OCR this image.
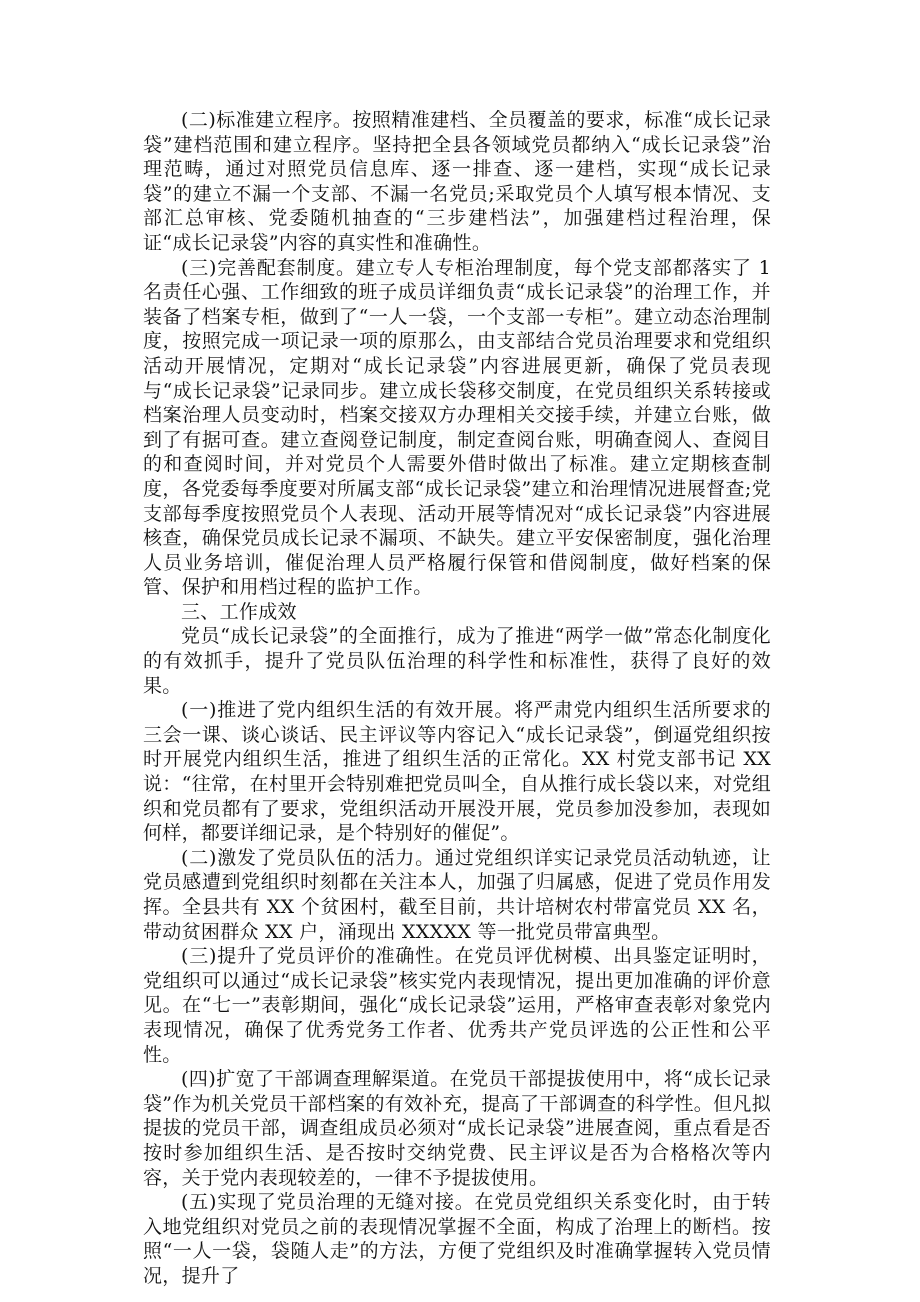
(二)标准建立程序。按照精准建档、全员覆盖的要求，标准“成长记录袋”建档范围和建立程序。坚持把全县各领域党员都纳入“成长记录袋”治理范畴，通过对照党员信息库、逐一排查、逐一建档，实现“成长记录袋”的建立不漏一个支部、不漏一名党员;采取党员个人填写根本情况、支部汇总审核、党委随机抽查的“三步建档法”，加强建档过程治理，保证“成长记录袋”内容的真实性和准确性。

(三)完善配套制度。建立专人专柜治理制度，每个党支部都落实了 1 名责任心强、工作细致的班子成员详细负责“成长记录袋”的治理工作，并装备了档案专柜，做到了“一人一袋，一个支部一专柜”。建立动态治理制度，按照完成一项记录一项的原那么，由支部结合党员治理要求和党组织活动开展情况，定期对“成长记录袋”内容进展更新，确保了党员表现与“成长记录袋”记录同步。建立成长袋移交制度，在党员组织关系转接或档案治理人员变动时，档案交接双方办理相关交接手续，并建立台账，做到了有据可查。建立查阅登记制度，制定查阅台账，明确查阅人、查阅目的和查阅时间，并对党员个人需要外借时做出了标准。建立定期核查制度，各党委每季度要对所属支部“成长记录袋”建立和治理情况进展督查;党支部每季度按照党员个人表现、活动开展等情况对“成长记录袋”内容进展核查，确保党员成长记录不漏项、不缺失。建立平安保密制度，强化治理人员业务培训，催促治理人员严格履行保管和借阅制度，做好档案的保管、保护和用档过程的监护工作。

三、工作成效

党员“成长记录袋”的全面推行，成为了推进“两学一做”常态化制度化的有效抓手，提升了党员队伍治理的科学性和标准性，获得了良好的效果。

(一)推进了党内组织生活的有效开展。将严肃党内组织生活所要求的三会一课、谈心谈话、民主评议等内容记入“成长记录袋”，倒逼党组织按时开展党内组织生活，推进了组织生活的正常化。XX 村党支部书记 XX 说：“往常，在村里开会特别难把党员叫全，自从推行成长袋以来，对党组织和党员都有了要求，党组织活动开展没开展，党员参加没参加，表现如何样，都要详细记录，是个特别好的催促”。

(二)激发了党员队伍的活力。通过党组织详实记录党员活动轨迹，让党员感遭到党组织时刻都在关注本人，加强了归属感，促进了党员作用发挥。全县共有 XX 个贫困村，截至目前，共计培树农村带富党员 XX 名，带动贫困群众 XX 户，涌现出 XXXXX 等一批党员带富典型。

(三)提升了党员评价的准确性。在党员评优树模、出具鉴定证明时，党组织可以通过“成长记录袋”核实党内表现情况，提出更加准确的评价意见。在“七一”表彰期间，强化“成长记录袋”运用，严格审查表彰对象党内表现情况，确保了优秀党务工作者、优秀共产党员评选的公正性和公平性。

(四)扩宽了干部调查理解渠道。在党员干部提拔使用中，将“成长记录袋”作为机关党员干部档案的有效补充，提高了干部调查的科学性。但凡拟提拔的党员干部，调查组成员必须对“成长记录袋”进展查阅，重点看是否按时参加组织生活、是否按时交纳党费、民主评议是否为合格格次等内容，关于党内表现较差的，一律不予提拔使用。

(五)实现了党员治理的无缝对接。在党员党组织关系变化时，由于转入地党组织对党员之前的表现情况掌握不全面，构成了治理上的断档。按照“一人一袋，袋随人走”的方法，方便了党组织及时准确掌握转入党员情况，提升了
